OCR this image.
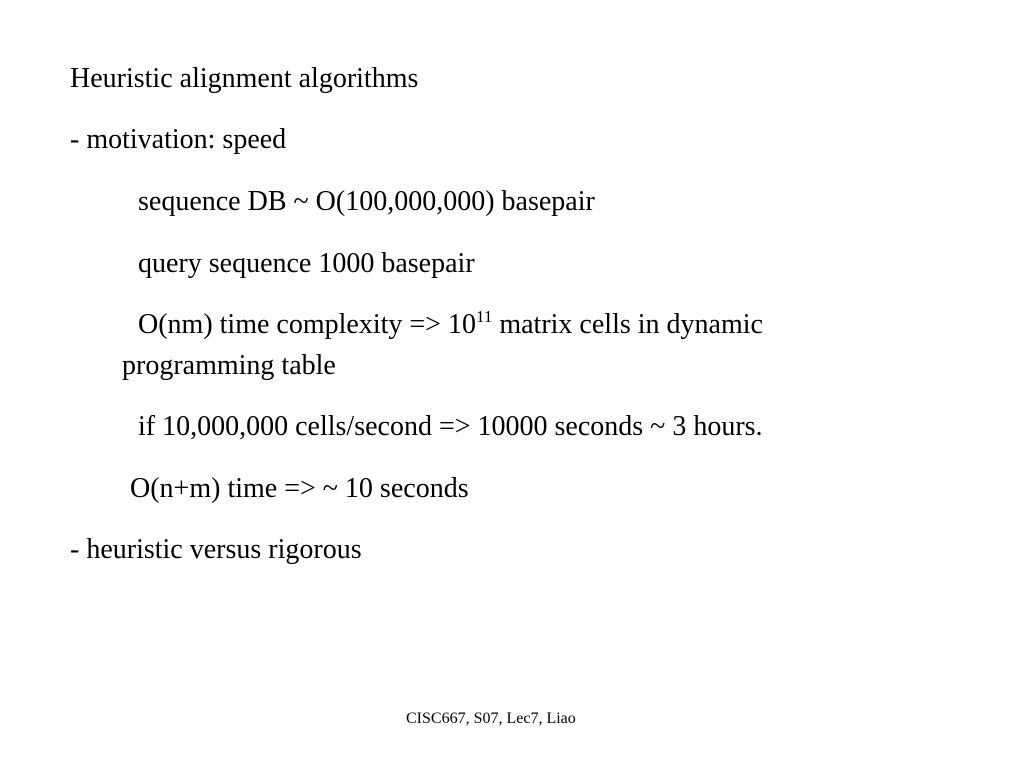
Heuristic alignment algorithms
- motivation: speed
sequence DB ~ O(100,000,000) basepair
query sequence 1000 basepair
O(nm) time complexity => $10^{11}$ matrix cells in dynamic
programming table
if 10,000,000 cells/second => 10000 seconds ~ 3 hours.
O(n+m) time => ~ 10 seconds
- heuristic versus rigorous
CISC667, S07, Lec7, Liao
